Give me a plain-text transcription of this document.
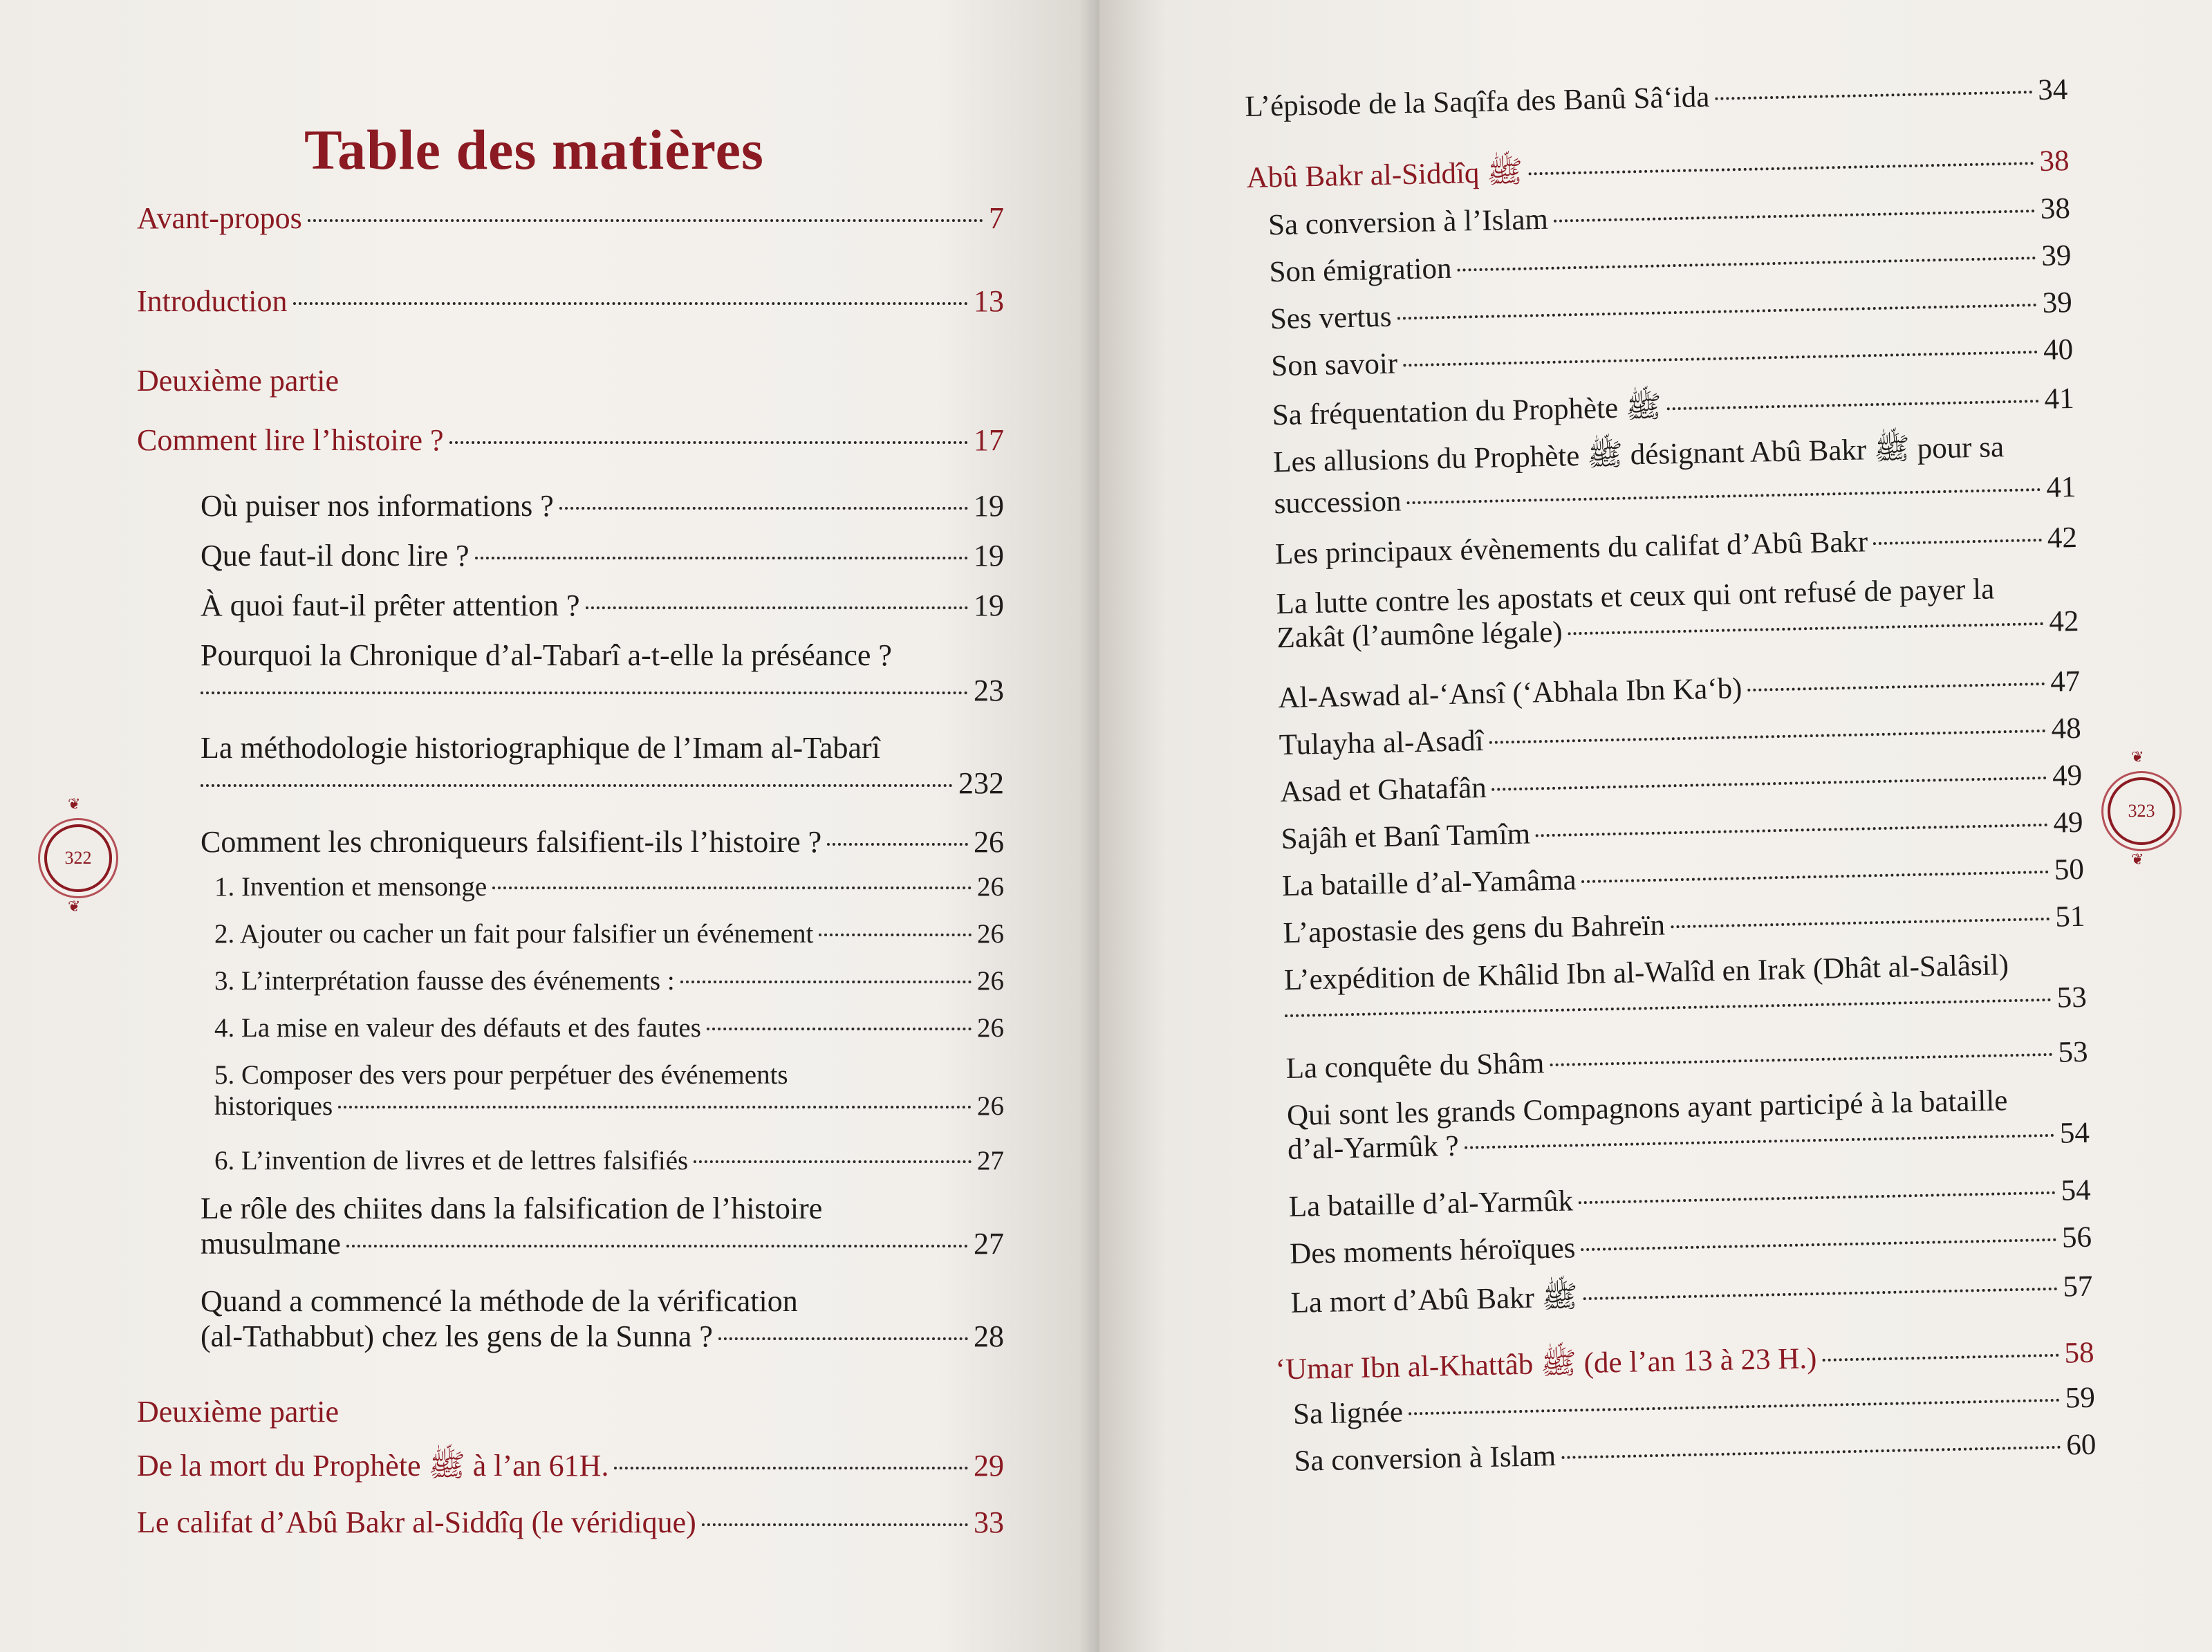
Table des matières
Avant-propos	7
Introduction	13
Deuxième partie
Comment lire l’histoire ?	17
Où puiser nos informations ?	19
Que faut-il donc lire ?	19
À quoi faut-il prêter attention ?	19
Pourquoi la Chronique d’al-Tabarî a-t-elle la préséance ?
23
La méthodologie historiographique de l’Imam al-Tabarî
232
Comment les chroniqueurs falsifient-ils l’histoire ?	26
1. Invention et mensonge	26
2. Ajouter ou cacher un fait pour falsifier un événement	26
3. L’interprétation fausse des événements :	26
4. La mise en valeur des défauts et des fautes	26
5. Composer des vers pour perpétuer des événements
historiques	26
6. L’invention de livres et de lettres falsifiés	27
Le rôle des chiites dans la falsification de l’histoire
musulmane	27
Quand a commencé la méthode de la vérification
(al-Tathabbut) chez les gens de la Sunna ?	28
Deuxième partie
De la mort du Prophète ﷺ à l’an 61H.	29
Le califat d’Abû Bakr al-Siddîq (le véridique)	33
322
❦
❦
L’épisode de la Saqîfa des Banû Sâ‘ida	34
Abû Bakr al-Siddîq ﷺ	38
Sa conversion à l’Islam	38
Son émigration	39
Ses vertus	39
Son savoir	40
Sa fréquentation du Prophète ﷺ	41
Les allusions du Prophète ﷺ désignant Abû Bakr ﷺ pour sa
succession	41
Les principaux évènements du califat d’Abû Bakr	42
La lutte contre les apostats et ceux qui ont refusé de payer la
Zakât (l’aumône légale)	42
Al-Aswad al-‘Ansî (‘Abhala Ibn Ka‘b)	47
Tulayha al-Asadî	48
Asad et Ghatafân	49
Sajâh et Banî Tamîm	49
La bataille d’al-Yamâma	50
L’apostasie des gens du Bahreïn	51
L’expédition de Khâlid Ibn al-Walîd en Irak (Dhât al-Salâsil)
53
La conquête du Shâm	53
Qui sont les grands Compagnons ayant participé à la bataille
d’al-Yarmûk ?	54
La bataille d’al-Yarmûk	54
Des moments héroïques	56
La mort d’Abû Bakr ﷺ	57
‘Umar Ibn al-Khattâb ﷺ (de l’an 13 à 23 H.)	58
Sa lignée	59
Sa conversion à Islam	60
323
❦
❦
